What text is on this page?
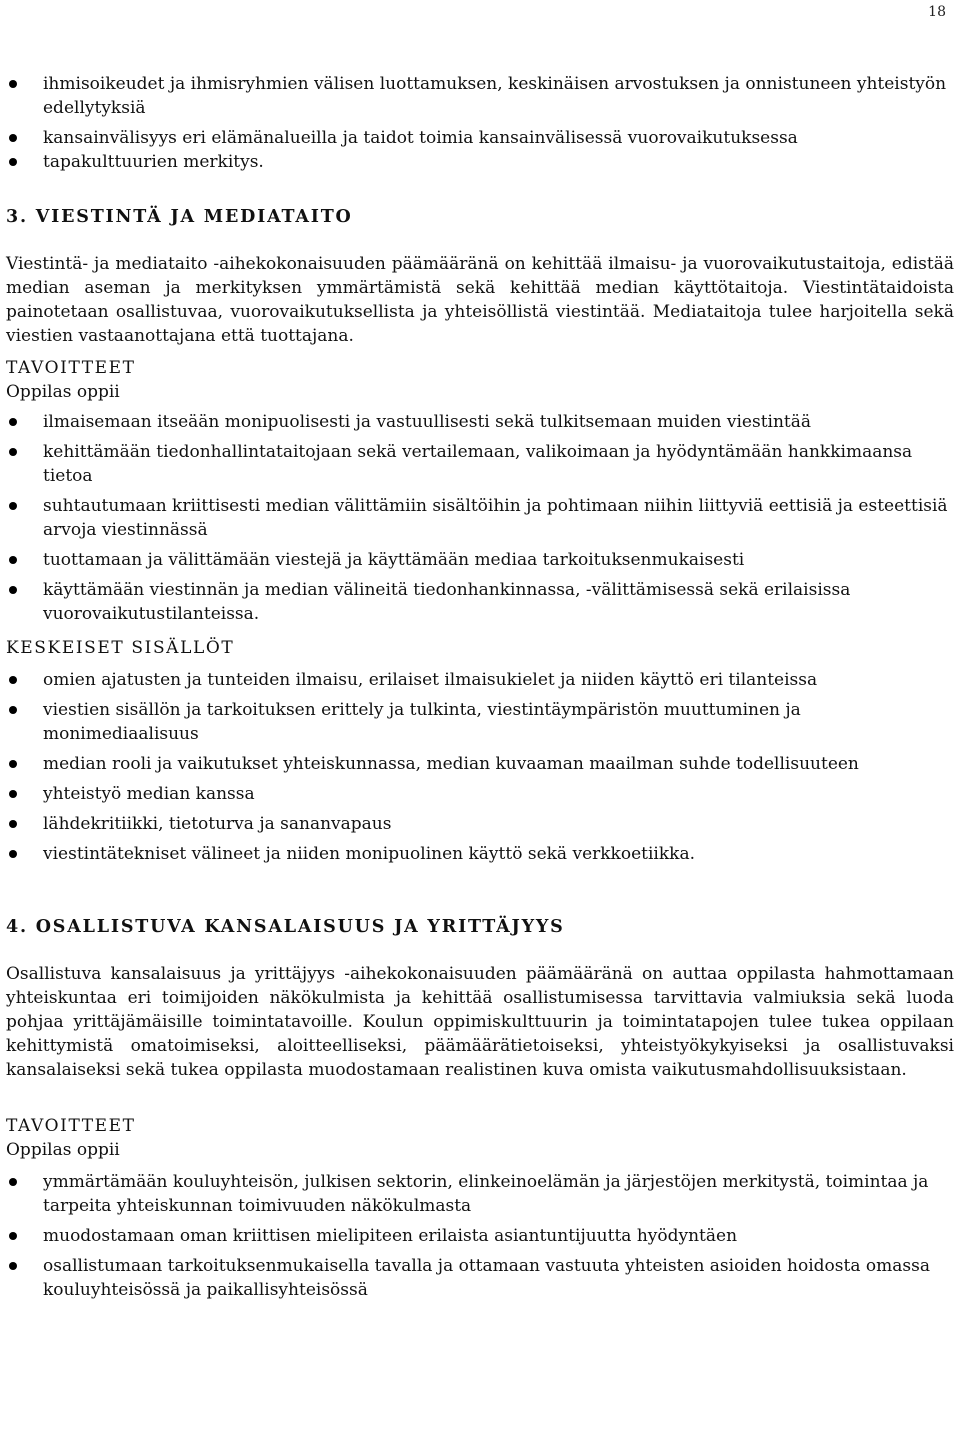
18
ihmisoikeudet ja ihmisryhmien välisen luottamuksen, keskinäisen arvostuksen ja onnistuneen yhteistyön edellytyksiä
kansainvälisyys eri elämänalueilla ja taidot toimia kansainvälisessä vuorovaikutuksessa
tapakulttuurien merkitys.
3. VIESTINTÄ JA MEDIATAITO

Viestintä- ja mediataito -aihekokonaisuuden päämääränä on kehittää ilmaisu- ja vuorovaikutustaitoja, edistää median aseman ja merkityksen ymmärtämistä sekä kehittää median käyttötaitoja. Viestintätaidoista painotetaan osallistuvaa, vuorovaikutuksellista ja yhteisöllistä viestintää. Mediataitoja tulee harjoitella sekä viestien vastaanottajana että tuottajana.

TAVOITTEET

Oppilas oppii

ilmaisemaan itseään monipuolisesti ja vastuullisesti sekä tulkitsemaan muiden viestintää
kehittämään tiedonhallintataitojaan sekä vertailemaan, valikoimaan ja hyödyntämään hankkimaansa tietoa
suhtautumaan kriittisesti median välittämiin sisältöihin ja pohtimaan niihin liittyviä eettisiä ja esteettisiä arvoja viestinnässä
tuottamaan ja välittämään viestejä ja käyttämään mediaa tarkoituksenmukaisesti
käyttämään viestinnän ja median välineitä tiedonhankinnassa, -välittämisessä sekä erilaisissa vuorovaikutustilanteissa.

KESKEISET SISÄLLÖT

omien ajatusten ja tunteiden ilmaisu, erilaiset ilmaisukielet ja niiden käyttö eri tilanteissa
viestien sisällön ja tarkoituksen erittely ja tulkinta, viestintäympäristön muuttuminen ja monimediaalisuus
median rooli ja vaikutukset yhteiskunnassa, median kuvaaman maailman suhde todellisuuteen
yhteistyö median kanssa
lähdekritiikki, tietoturva ja sananvapaus
viestintätekniset välineet ja niiden monipuolinen käyttö sekä verkkoetiikka.
4. OSALLISTUVA KANSALAISUUS JA YRITTÄJYYS

Osallistuva kansalaisuus ja yrittäjyys -aihekokonaisuuden päämääränä on auttaa oppilasta hahmottamaan yhteiskuntaa eri toimijoiden näkökulmista ja kehittää osallistumisessa tarvittavia valmiuksia sekä luoda pohjaa yrittäjämäisille toimintatavoille. Koulun oppimiskulttuurin ja toimintatapojen tulee tukea oppilaan kehittymistä omatoimiseksi, aloitteelliseksi, päämäärätietoiseksi, yhteistyökykyiseksi ja osallistuvaksi kansalaiseksi sekä tukea oppilasta muodostamaan realistinen kuva omista vaikutusmahdollisuuksistaan.

TAVOITTEET

Oppilas oppii

ymmärtämään kouluyhteisön, julkisen sektorin, elinkeinoelämän ja järjestöjen merkitystä, toimintaa ja tarpeita yhteiskunnan toimivuuden näkökulmasta
muodostamaan oman kriittisen mielipiteen erilaista asiantuntijuutta hyödyntäen
osallistumaan tarkoituksenmukaisella tavalla ja ottamaan vastuuta yhteisten asioiden hoidosta omassa kouluyhteisössä ja paikallisyhteisössä
